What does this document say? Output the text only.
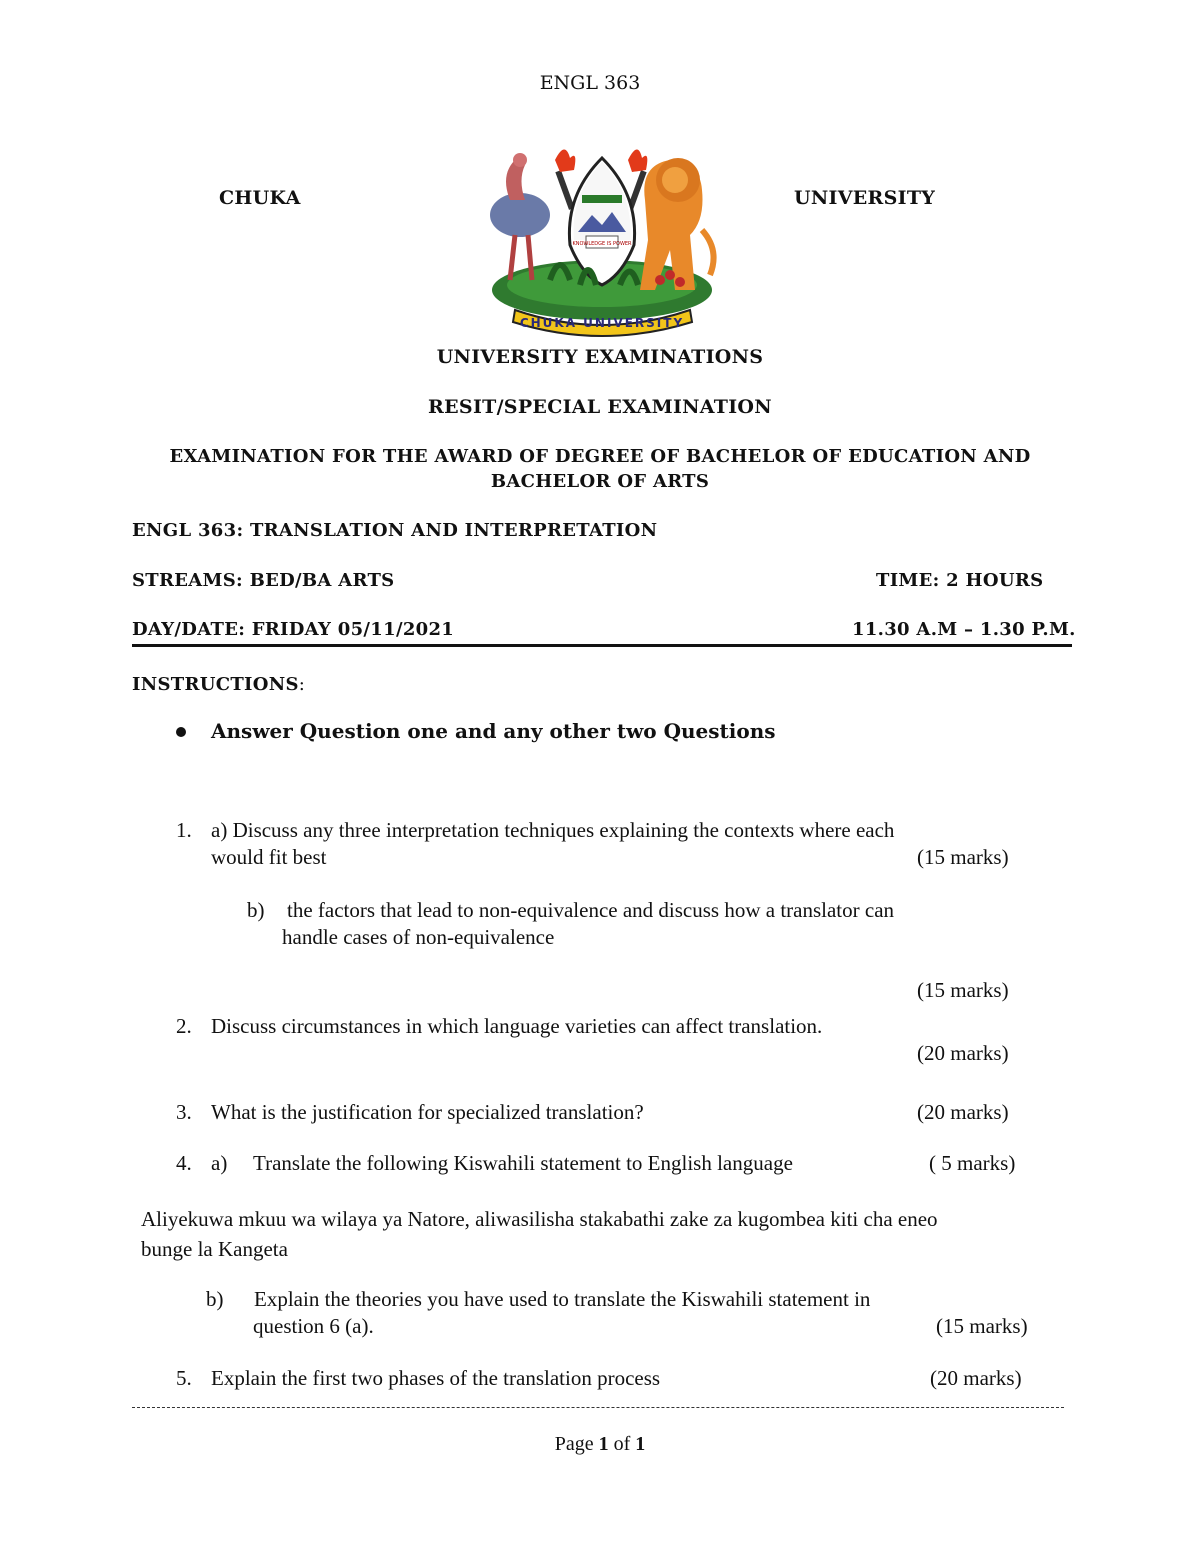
ENGL 363
CHUKA	UNIVERSITY
KNOWLEDGE IS POWER
CHUKA UNIVERSITY
UNIVERSITY EXAMINATIONS
RESIT/SPECIAL EXAMINATION
EXAMINATION FOR THE AWARD OF DEGREE OF BACHELOR OF EDUCATION AND
BACHELOR OF ARTS
ENGL 363: TRANSLATION AND INTERPRETATION
STREAMS: BED/BA ARTS	TIME: 2 HOURS
DAY/DATE: FRIDAY 05/11/2021	11.30 A.M – 1.30 P.M.
INSTRUCTIONS:
Answer Question one and any other two Questions
1. a) Discuss any three interpretation techniques explaining the contexts where each
would fit best	(15 marks)
b) the factors that lead to non-equivalence and discuss how a translator can
handle cases of non-equivalence
(15 marks)
2. Discuss circumstances in which language varieties can affect translation.
(20 marks)
3. What is the justification for specialized translation?	(20 marks)
4. a) Translate the following Kiswahili statement to English language	( 5 marks)
Aliyekuwa mkuu wa wilaya ya Natore, aliwasilisha stakabathi zake za kugombea kiti cha eneo
bunge la Kangeta
b) Explain the theories you have used to translate the Kiswahili statement in
question 6 (a).	(15 marks)
5. Explain the first two phases of the translation process	(20 marks)
Page 1 of 1
